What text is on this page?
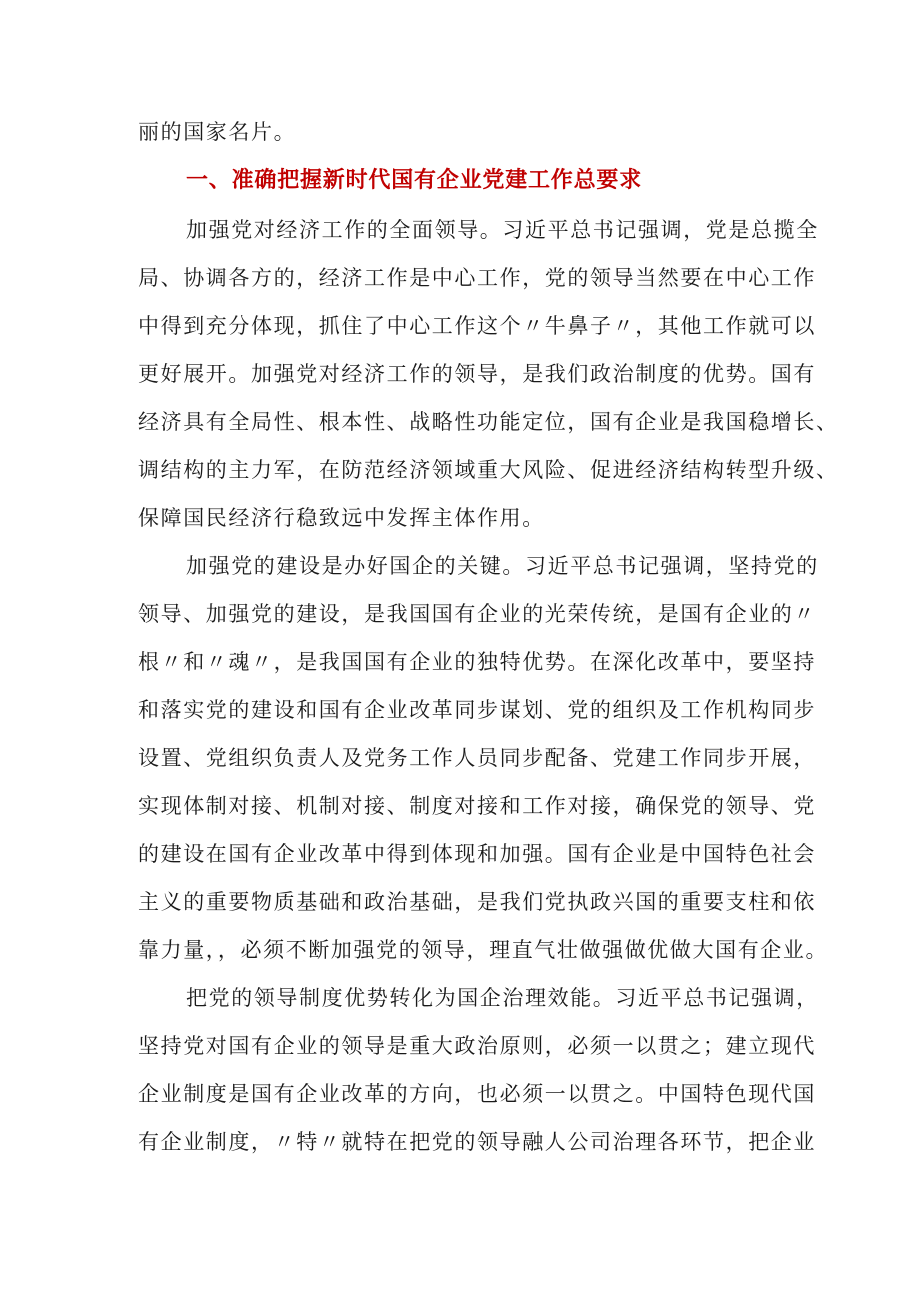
丽的国家名片。
一、准确把握新时代国有企业党建工作总要求
加强党对经济工作的全面领导。习近平总书记强调，党是总揽全
局、协调各方的，经济工作是中心工作，党的领导当然要在中心工作
中得到充分体现，抓住了中心工作这个〃牛鼻子〃，其他工作就可以
更好展开。加强党对经济工作的领导，是我们政治制度的优势。国有
经济具有全局性、根本性、战略性功能定位，国有企业是我国稳增长、
调结构的主力军，在防范经济领域重大风险、促进经济结构转型升级、
保障国民经济行稳致远中发挥主体作用。
加强党的建设是办好国企的关键。习近平总书记强调，坚持党的
领导、加强党的建设，是我国国有企业的光荣传统，是国有企业的〃
根〃和〃魂〃，是我国国有企业的独特优势。在深化改革中，要坚持
和落实党的建设和国有企业改革同步谋划、党的组织及工作机构同步
设置、党组织负责人及党务工作人员同步配备、党建工作同步开展，
实现体制对接、机制对接、制度对接和工作对接，确保党的领导、党
的建设在国有企业改革中得到体现和加强。国有企业是中国特色社会
主义的重要物质基础和政治基础，是我们党执政兴国的重要支柱和依
靠力量，，必须不断加强党的领导，理直气壮做强做优做大国有企业。
把党的领导制度优势转化为国企治理效能。习近平总书记强调，
坚持党对国有企业的领导是重大政治原则，必须一以贯之；建立现代
企业制度是国有企业改革的方向，也必须一以贯之。中国特色现代国
有企业制度，〃特〃就特在把党的领导融人公司治理各环节，把企业
